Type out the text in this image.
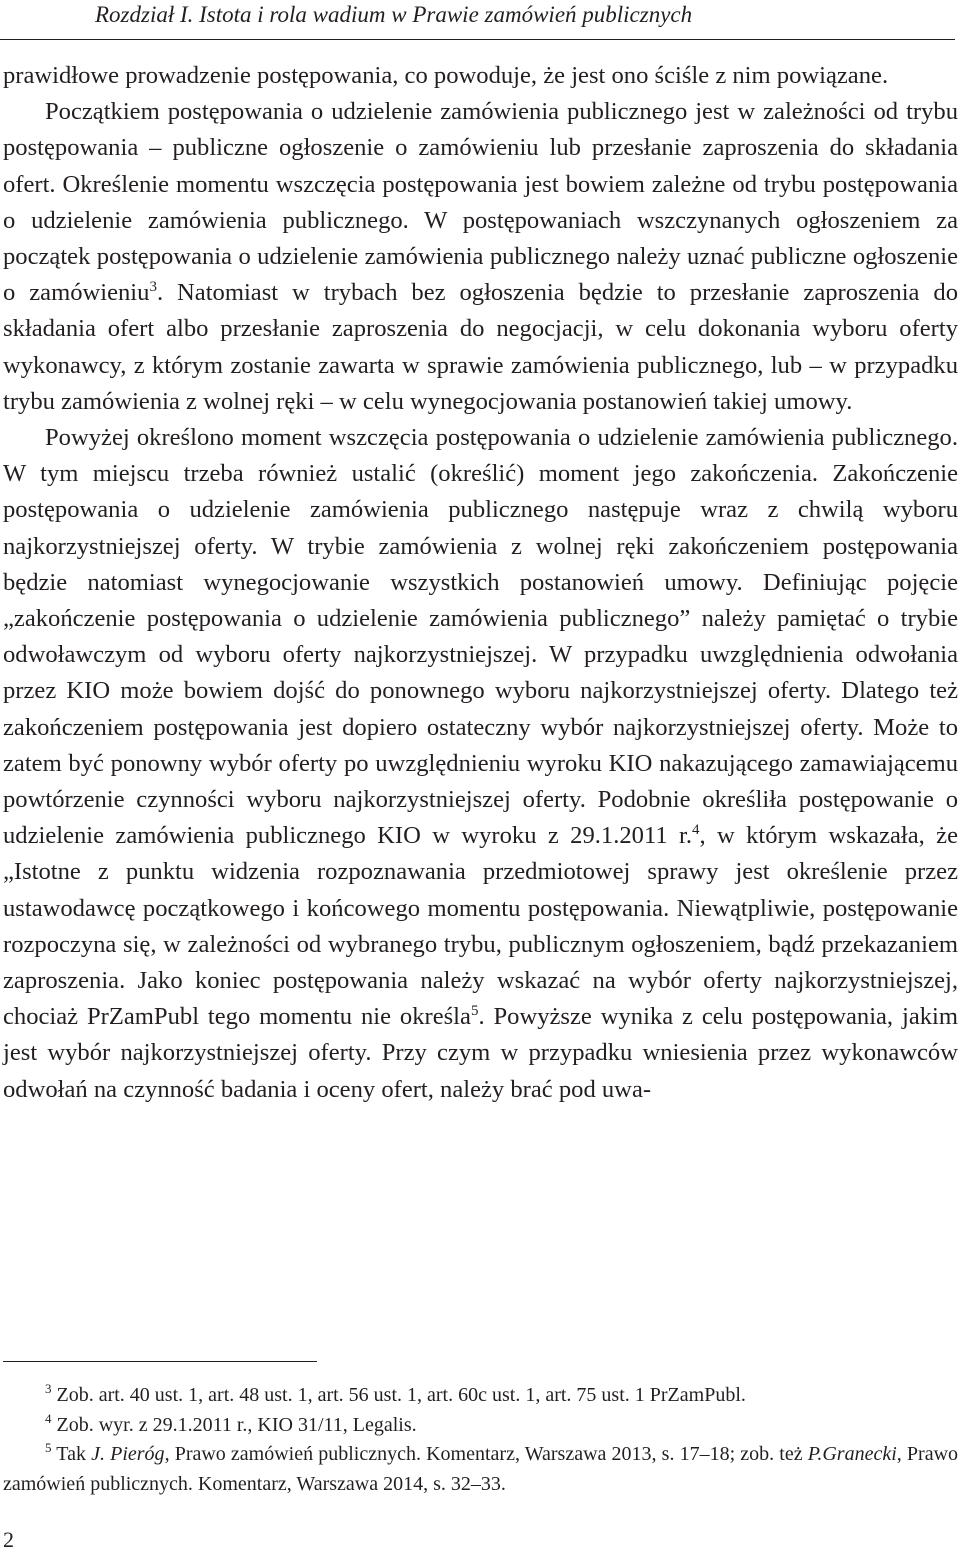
Rozdział I. Istota i rola wadium w Prawie zamówień publicznych

prawidłowe prowadzenie postępowania, co powoduje, że jest ono ściśle z nim powiązane.

Początkiem postępowania o udzielenie zamówienia publicznego jest w zależności od trybu postępowania – publiczne ogłoszenie o zamówieniu lub przesłanie zaproszenia do składania ofert. Określenie momentu wszczęcia postępowania jest bowiem zależne od trybu postępowania o udzielenie zamówienia publicznego. W postępowaniach wszczynanych ogłoszeniem za początek postępowania o udzielenie zamówienia publicznego należy uznać publiczne ogłoszenie o zamówieniu$^3$. Natomiast w trybach bez ogłoszenia będzie to przesłanie zaproszenia do składania ofert albo przesłanie zaproszenia do negocjacji, w celu dokonania wyboru oferty wykonawcy, z którym zostanie zawarta w sprawie zamówienia publicznego, lub – w przypadku trybu zamówienia z wolnej ręki – w celu wynegocjowania postanowień takiej umowy.

Powyżej określono moment wszczęcia postępowania o udzielenie zamówienia publicznego. W tym miejscu trzeba również ustalić (określić) moment jego zakończenia. Zakończenie postępowania o udzielenie zamówienia publicznego następuje wraz z chwilą wyboru najkorzystniejszej oferty. W trybie zamówienia z wolnej ręki zakończeniem postępowania będzie natomiast wynegocjowanie wszystkich postanowień umowy. Definiując pojęcie „zakończenie postępowania o udzielenie zamówienia publicznego” należy pamiętać o trybie odwoławczym od wyboru oferty najkorzystniejszej. W przypadku uwzględnienia odwołania przez KIO może bowiem dojść do ponownego wyboru najkorzystniejszej oferty. Dlatego też zakończeniem postępowania jest dopiero ostateczny wybór najkorzystniejszej oferty. Może to zatem być ponowny wybór oferty po uwzględnieniu wyroku KIO nakazującego zamawiającemu powtórzenie czynności wyboru najkorzystniejszej oferty. Podobnie określiła postępowanie o udzielenie zamówienia publicznego KIO w wyroku z 29.1.2011 r.$^4$, w którym wskazała, że „Istotne z punktu widzenia rozpoznawania przedmiotowej sprawy jest określenie przez ustawodawcę początkowego i końcowego momentu postępowania. Niewątpliwie, postępowanie rozpoczyna się, w zależności od wybranego trybu, publicznym ogłoszeniem, bądź przekazaniem zaproszenia. Jako koniec postępowania należy wskazać na wybór oferty najkorzystniejszej, chociaż PrZamPubl tego momentu nie określa$^5$. Powyższe wynika z celu postępowania, jakim jest wybór najkorzystniejszej oferty. Przy czym w przypadku wniesienia przez wykonawców odwołań na czynność badania i oceny ofert, należy brać pod uwa-

$^3$ Zob. art. 40 ust. 1, art. 48 ust. 1, art. 56 ust. 1, art. 60c ust. 1, art. 75 ust. 1 PrZamPubl.

$^4$ Zob. wyr. z 29.1.2011 r., KIO 31/11, Legalis.

$^5$ Tak J. Pieróg, Prawo zamówień publicznych. Komentarz, Warszawa 2013, s. 17–18; zob. też P.Granecki, Prawo zamówień publicznych. Komentarz, Warszawa 2014, s. 32–33.

2
